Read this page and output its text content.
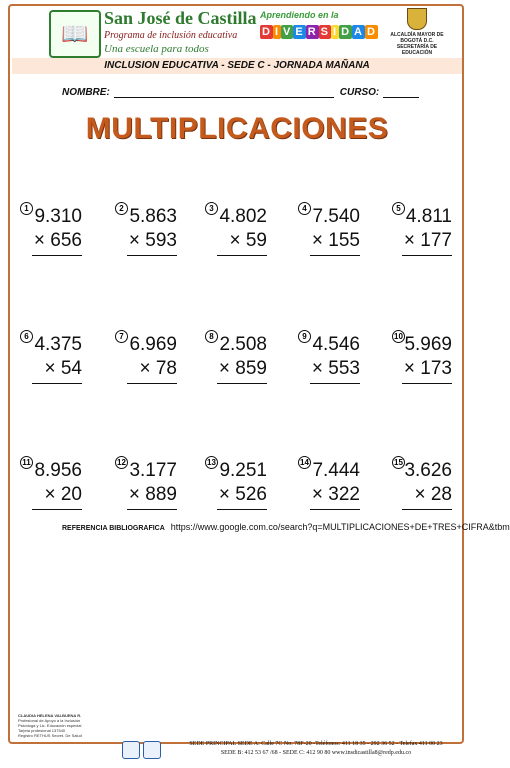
📖
San José de Castilla
Programa de inclusión educativa
Una escuela para todos
Aprendiendo en la
D I V E R S I D A D	ALCALDÍA MAYOR DE BOGOTÁ D.C.
SECRETARÍA DE EDUCACIÓN
INCLUSION EDUCATIVA - SEDE C - JORNADA MAÑANA
NOMBRE:	CURSO:
MULTIPLICACIONES
1 9.310
× 656
2 5.863
× 593
3 4.802
× 59
4 7.540
× 155
5 4.811
× 177
6 4.375
× 54
7 6.969
× 78
8 2.508
× 859
9 4.546
× 553
10 5.969
× 173
11 8.956
× 20
12 3.177
× 889
13 9.251
× 526
14 7.444
× 322
15 3.626
× 28
REFERENCIA BIBLIOGRAFICA https://www.google.com.co/search?q=MULTIPLICACIONES+DE+TRES+CIFRA&tbm
CLAUDIA HELENA VALBUENA R.
Profesional de Apoyo a la Inclusión
Psicóloga y Lic. Educación especial
Tarjeta profesional 137540
Registro RETHUS Secret. De Salud
SEDE PRINCIPAL SEDE A: Calle 7C No. 78F-20 -Teléfonos: 411 18 35 - 292 36 52 - Telefax 411 00 23
SEDE B: 412 53 67 /68 - SEDE C: 412 90 80 www.insdicastilla8@redp.edu.co
